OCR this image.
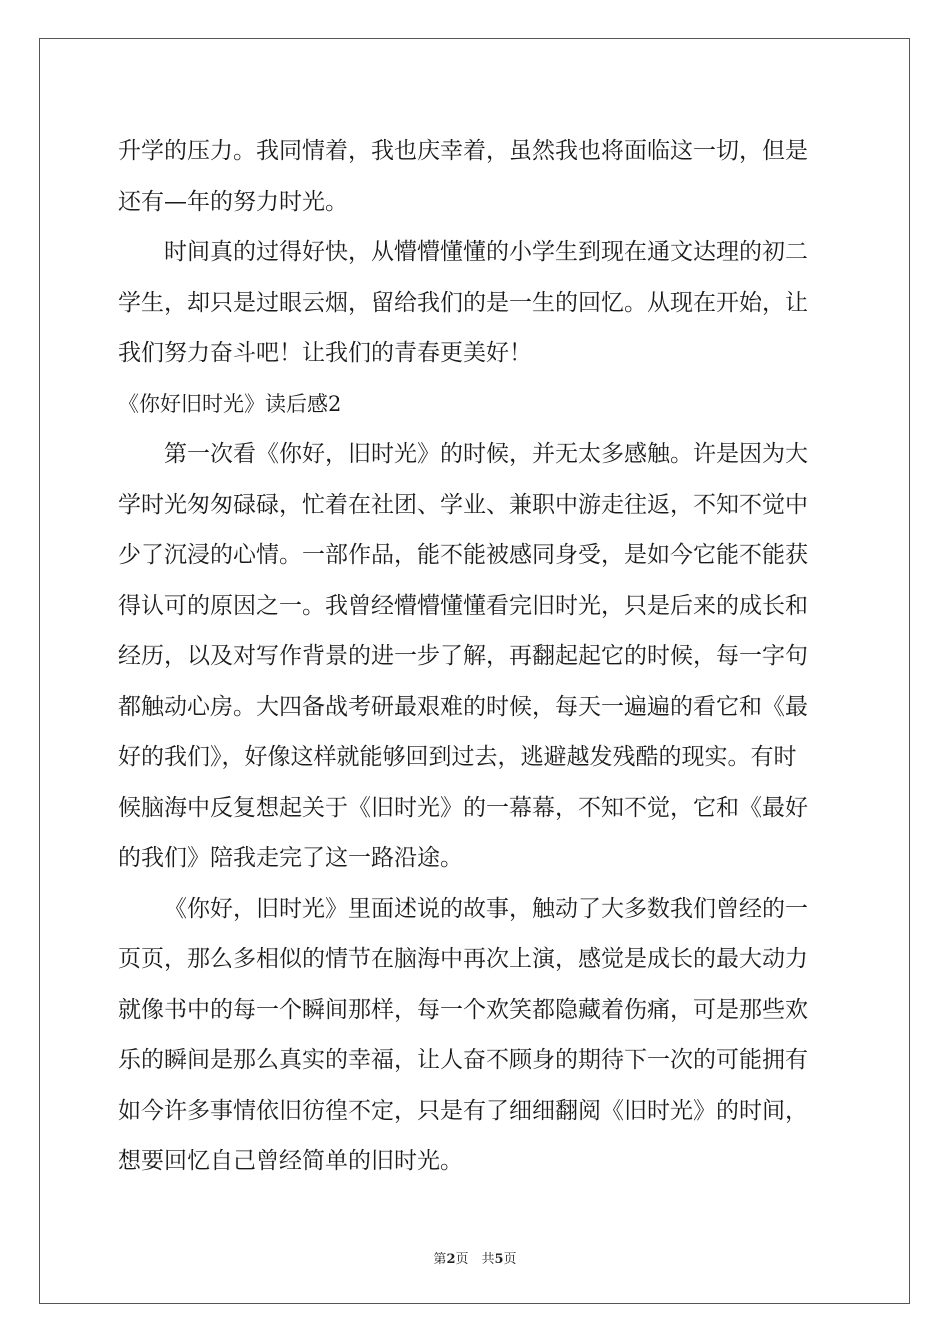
升学的压力。我同情着，我也庆幸着，虽然我也将面临这一切，但是
还有—年的努力时光。
时间真的过得好快，从懵懵懂懂的小学生到现在通文达理的初二
学生，却只是过眼云烟，留给我们的是一生的回忆。从现在开始，让
我们努力奋斗吧！让我们的青春更美好！
《你好旧时光》读后感2
第一次看《你好，旧时光》的时候，并无太多感触。许是因为大
学时光匆匆碌碌，忙着在社团、学业、兼职中游走往返，不知不觉中
少了沉浸的心情。一部作品，能不能被感同身受，是如今它能不能获
得认可的原因之一。我曾经懵懵懂懂看完旧时光，只是后来的成长和
经历，以及对写作背景的进一步了解，再翻起起它的时候，每一字句
都触动心房。大四备战考研最艰难的时候，每天一遍遍的看它和《最
好的我们》，好像这样就能够回到过去，逃避越发残酷的现实。有时
候脑海中反复想起关于《旧时光》的一幕幕，不知不觉，它和《最好
的我们》陪我走完了这一路沿途。
《你好，旧时光》里面述说的故事，触动了大多数我们曾经的一
页页，那么多相似的情节在脑海中再次上演，感觉是成长的最大动力
就像书中的每一个瞬间那样，每一个欢笑都隐藏着伤痛，可是那些欢
乐的瞬间是那么真实的幸福，让人奋不顾身的期待下一次的可能拥有
如今许多事情依旧彷徨不定，只是有了细细翻阅《旧时光》的时间，
想要回忆自己曾经简单的旧时光。
第2页　共5页
